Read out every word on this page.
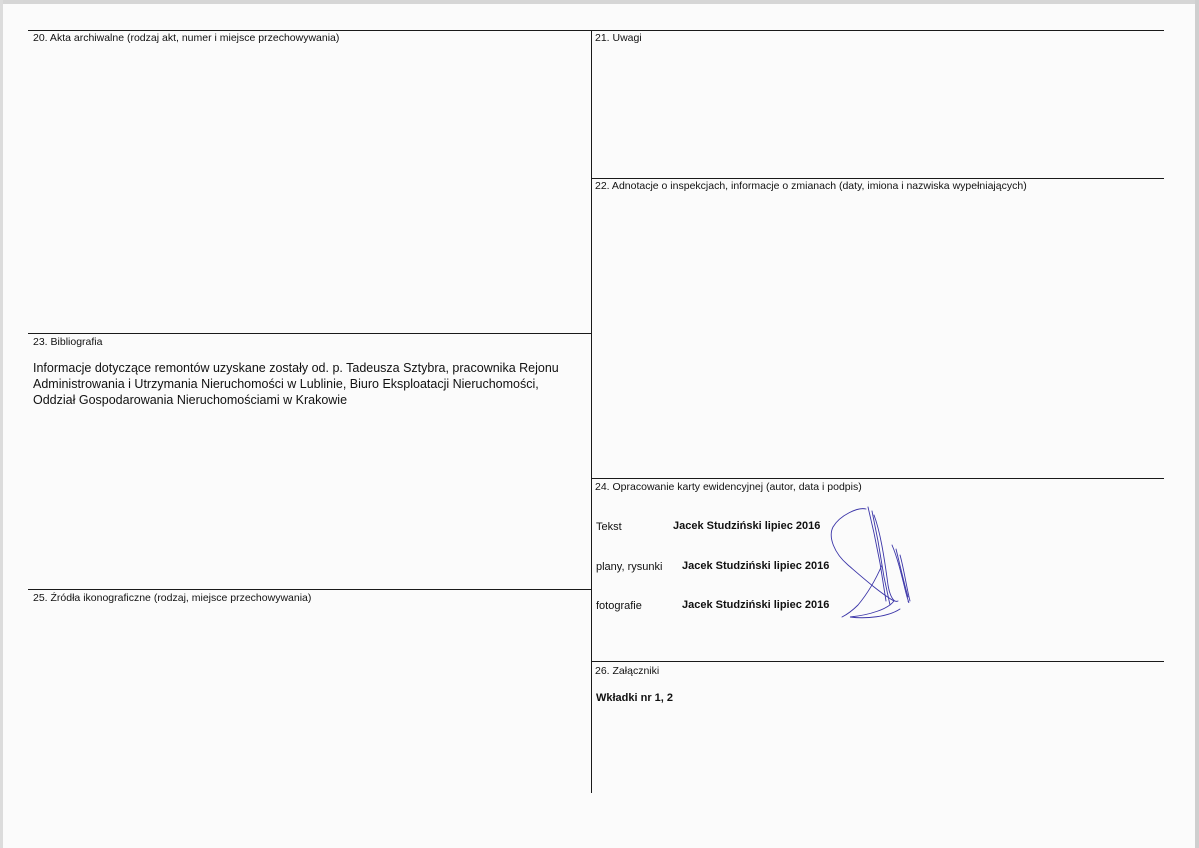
20. Akta archiwalne (rodzaj akt, numer i miejsce przechowywania)	21. Uwagi
22. Adnotacje o inspekcjach, informacje o zmianach (daty, imiona i nazwiska wypełniających)
23. Bibliografia
Informacje dotyczące remontów uzyskane zostały od. p. Tadeusza Sztybra, pracownika Rejonu Administrowania i Utrzymania Nieruchomości w Lublinie, Biuro Eksploatacji Nieruchomości, Oddział Gospodarowania Nieruchomościami w Krakowie
24. Opracowanie karty ewidencyjnej (autor, data i podpis)
Tekst	Jacek Studziński lipiec 2016
plany, rysunki Jacek Studziński lipiec 2016
fotografie	Jacek Studziński lipiec 2016
25. Źródła ikonograficzne (rodzaj, miejsce przechowywania)
26. Załączniki
Wkładki nr 1, 2
